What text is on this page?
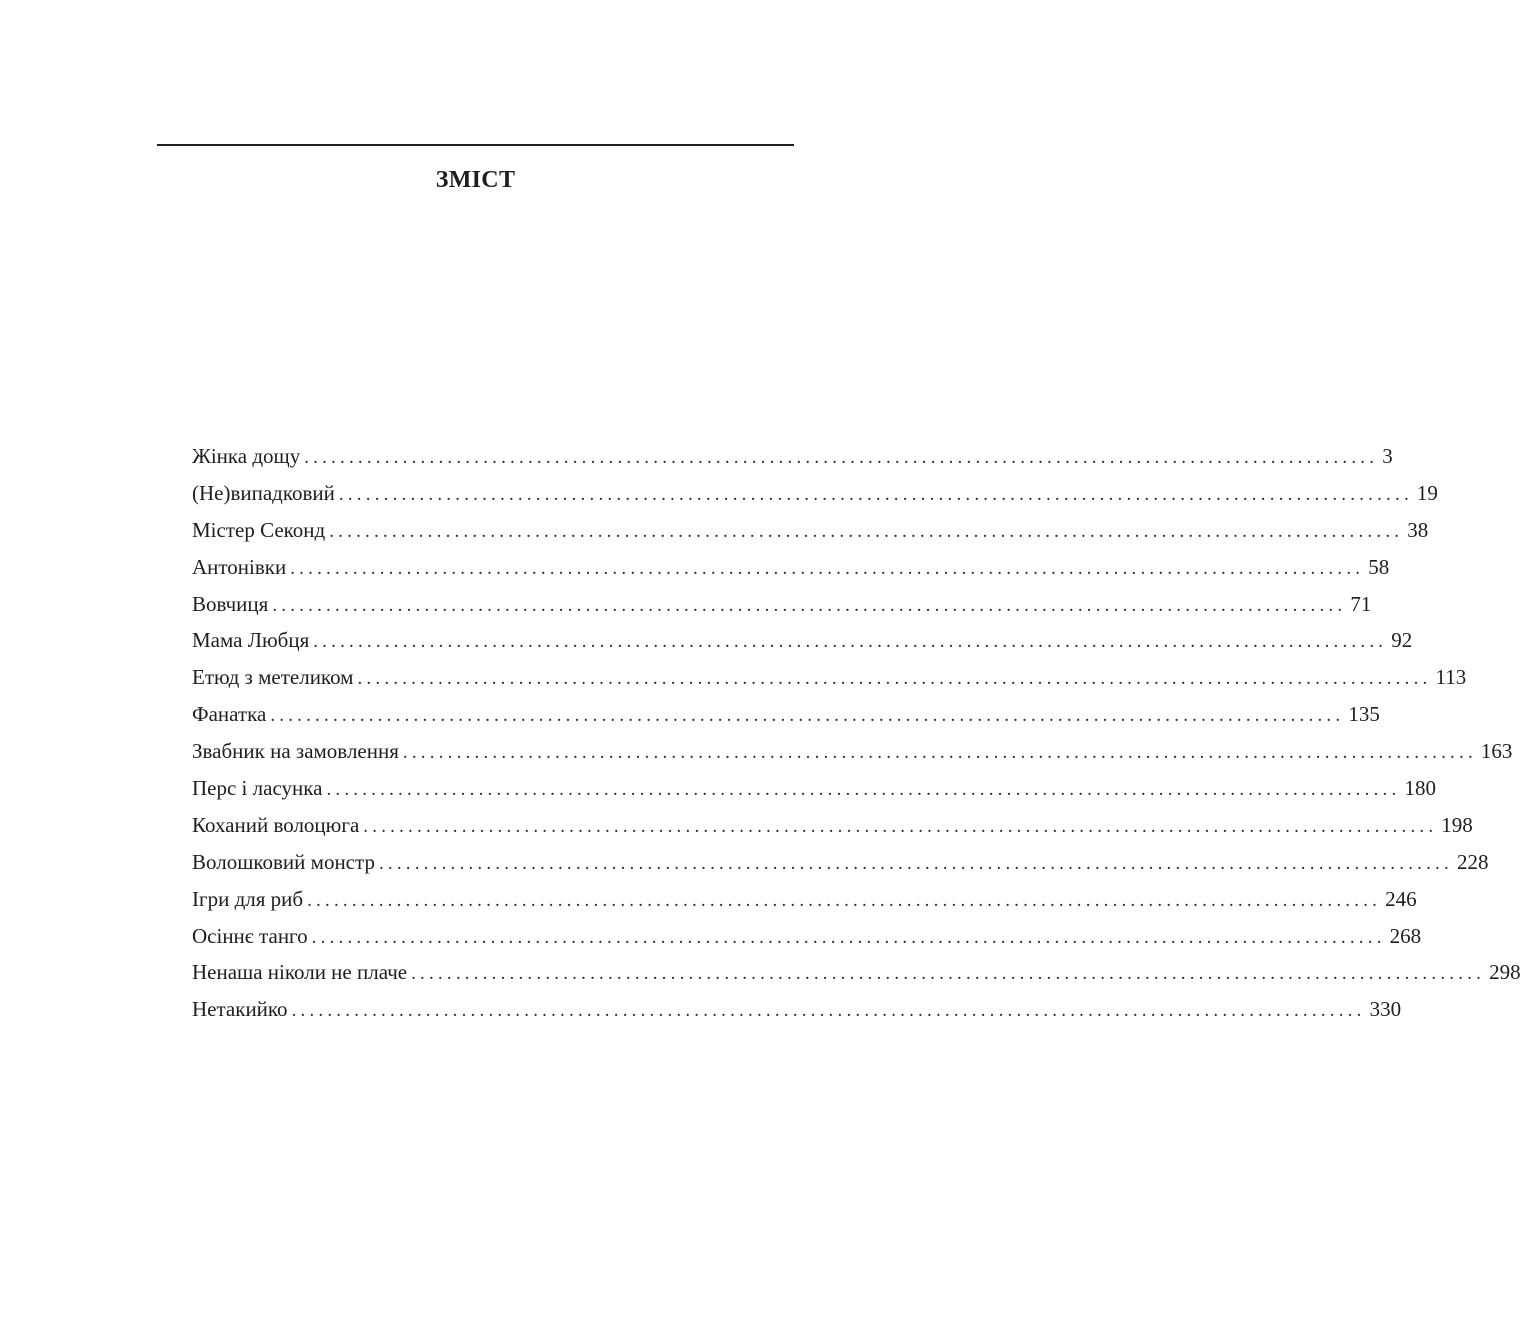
ЗМІСТ
Жінка дощу ........................................................................................................................ 3
(Не)випадковий ........................................................................................................................ 19
Містер Секонд ........................................................................................................................ 38
Антонівки ........................................................................................................................ 58
Вовчиця ........................................................................................................................ 71
Мама Любця ........................................................................................................................ 92
Етюд з метеликом ........................................................................................................................ 113
Фанатка ........................................................................................................................ 135
Звабник на замовлення ........................................................................................................................ 163
Перс і ласунка ........................................................................................................................ 180
Коханий волоцюга ........................................................................................................................ 198
Волошковий монстр ........................................................................................................................ 228
Ігри для риб ........................................................................................................................ 246
Осіннє танго ........................................................................................................................ 268
Ненаша ніколи не плаче ........................................................................................................................ 298
Нетакийко ........................................................................................................................ 330
